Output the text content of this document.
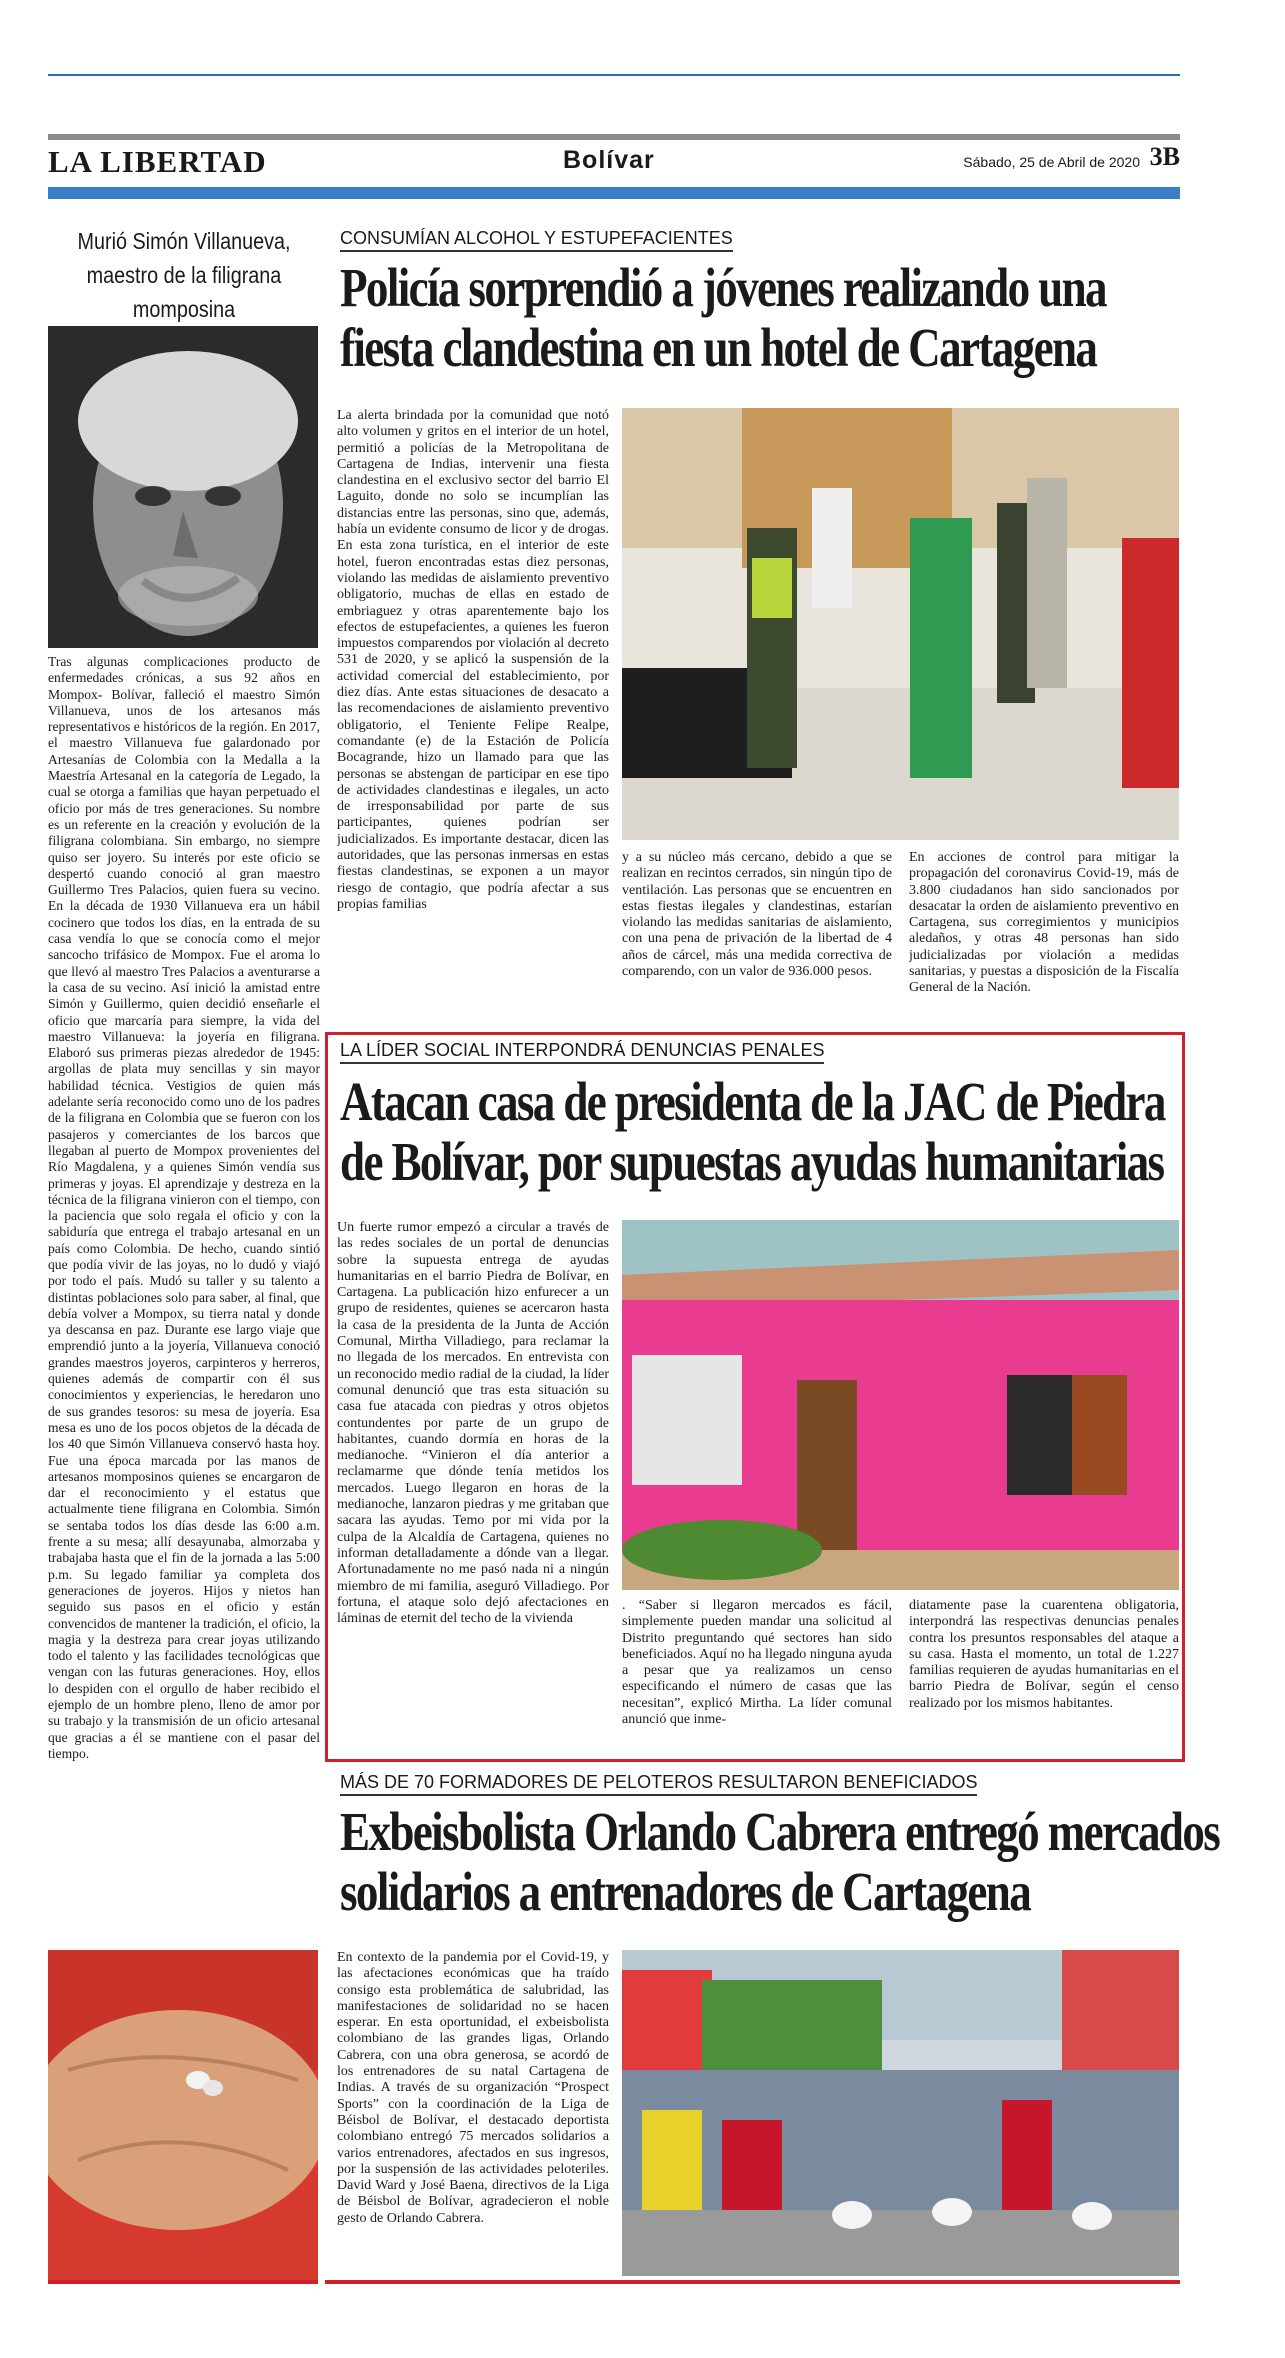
LA LIBERTAD	Bolívar	Sábado, 25 de Abril de 2020 3B
Murió Simón Villanueva,
maestro de la filigrana momposina
Tras algunas complicaciones producto de enfermedades crónicas, a sus 92 años en Mompox- Bolívar, falleció el maestro Simón Villanueva, unos de los artesanos más representativos e históricos de la región. En 2017, el maestro Villanueva fue galardonado por Artesanías de Colombia con la Medalla a la Maestría Artesanal en la categoría de Legado, la cual se otorga a familias que hayan perpetuado el oficio por más de tres generaciones. Su nombre es un referente en la creación y evolución de la filigrana colombiana. Sin embargo, no siempre quiso ser joyero. Su interés por este oficio se despertó cuando conoció al gran maestro Guillermo Tres Palacios, quien fuera su vecino. En la década de 1930 Villanueva era un hábil cocinero que todos los días, en la entrada de su casa vendía lo que se conocía como el mejor sancocho trifásico de Mompox. Fue el aroma lo que llevó al maestro Tres Palacios a aventurarse a la casa de su vecino. Así inició la amistad entre Simón y Guillermo, quien decidió enseñarle el oficio que marcaría para siempre, la vida del maestro Villanueva: la joyería en filigrana. Elaboró sus primeras piezas alrededor de 1945: argollas de plata muy sencillas y sin mayor habilidad técnica. Vestigios de quien más adelante sería reconocido como uno de los padres de la filigrana en Colombia que se fueron con los pasajeros y comerciantes de los barcos que llegaban al puerto de Mompox provenientes del Río Magdalena, y a quienes Simón vendía sus primeras y joyas. El aprendizaje y destreza en la técnica de la filigrana vinieron con el tiempo, con la paciencia que solo regala el oficio y con la sabiduría que entrega el trabajo artesanal en un país como Colombia. De hecho, cuando sintió que podía vivir de las joyas, no lo dudó y viajó por todo el país. Mudó su taller y su talento a distintas poblaciones solo para saber, al final, que debía volver a Mompox, su tierra natal y donde ya descansa en paz. Durante ese largo viaje que emprendió junto a la joyería, Villanueva conoció grandes maestros joyeros, carpinteros y herreros, quienes además de compartir con él sus conocimientos y experiencias, le heredaron uno de sus grandes tesoros: su mesa de joyería. Esa mesa es uno de los pocos objetos de la década de los 40 que Simón Villanueva conservó hasta hoy. Fue una época marcada por las manos de artesanos momposinos quienes se encargaron de dar el reconocimiento y el estatus que actualmente tiene filigrana en Colombia. Simón se sentaba todos los días desde las 6:00 a.m. frente a su mesa; allí desayunaba, almorzaba y trabajaba hasta que el fin de la jornada a las 5:00 p.m. Su legado familiar ya completa dos generaciones de joyeros. Hijos y nietos han seguido sus pasos en el oficio y están convencidos de mantener la tradición, el oficio, la magia y la destreza para crear joyas utilizando todo el talento y las facilidades tecnológicas que vengan con las futuras generaciones. Hoy, ellos lo despiden con el orgullo de haber recibido el ejemplo de un hombre pleno, lleno de amor por su trabajo y la transmisión de un oficio artesanal que gracias a él se mantiene con el pasar del tiempo.
CONSUMÍAN ALCOHOL Y ESTUPEFACIENTES
Policía sorprendió a jóvenes realizando una
fiesta clandestina en un hotel de Cartagena
La alerta brindada por la comunidad que notó alto volumen y gritos en el interior de un hotel, permitió a policías de la Metropolitana de Cartagena de Indias, intervenir una fiesta clandestina en el exclusivo sector del barrio El Laguito, donde no solo se incumplían las distancias entre las personas, sino que, además, había un evidente consumo de licor y de drogas. En esta zona turística, en el interior de este hotel, fueron encontradas estas diez personas, violando las medidas de aislamiento preventivo obligatorio, muchas de ellas en estado de embriaguez y otras aparentemente bajo los efectos de estupefacientes, a quienes les fueron impuestos comparendos por violación al decreto 531 de 2020, y se aplicó la suspensión de la actividad comercial del establecimiento, por diez días. Ante estas situaciones de desacato a las recomendaciones de aislamiento preventivo obligatorio, el Teniente Felipe Realpe, comandante (e) de la Estación de Policía Bocagrande, hizo un llamado para que las personas se abstengan de participar en ese tipo de actividades clandestinas e ilegales, un acto de irresponsabilidad por parte de sus participantes, quienes podrían ser judicializados. Es importante destacar, dicen las autoridades, que las personas inmersas en estas fiestas clandestinas, se exponen a un mayor riesgo de contagio, que podría afectar a sus propias familias
y a su núcleo más cercano, debido a que se realizan en recintos cerrados, sin ningún tipo de ventilación. Las personas que se encuentren en estas fiestas ilegales y clandestinas, estarían violando las medidas sanitarias de aislamiento, con una pena de privación de la libertad de 4 años de cárcel, más una medida correctiva de comparendo, con un valor de 936.000 pesos.
En acciones de control para mitigar la propagación del coronavirus Covid-19, más de 3.800 ciudadanos han sido sancionados por desacatar la orden de aislamiento preventivo en Cartagena, sus corregimientos y municipios aledaños, y otras 48 personas han sido judicializadas por violación a medidas sanitarias, y puestas a disposición de la Fiscalía General de la Nación.
LA LÍDER SOCIAL INTERPONDRÁ DENUNCIAS PENALES
Atacan casa de presidenta de la JAC de Piedra
de Bolívar, por supuestas ayudas humanitarias
Un fuerte rumor empezó a circular a través de las redes sociales de un portal de denuncias sobre la supuesta entrega de ayudas humanitarias en el barrio Piedra de Bolívar, en Cartagena. La publicación hizo enfurecer a un grupo de residentes, quienes se acercaron hasta la casa de la presidenta de la Junta de Acción Comunal, Mirtha Villadiego, para reclamar la no llegada de los mercados. En entrevista con un reconocido medio radial de la ciudad, la líder comunal denunció que tras esta situación su casa fue atacada con piedras y otros objetos contundentes por parte de un grupo de habitantes, cuando dormía en horas de la medianoche. “Vinieron el día anterior a reclamarme que dónde tenía metidos los mercados. Luego llegaron en horas de la medianoche, lanzaron piedras y me gritaban que sacara las ayudas. Temo por mi vida por la culpa de la Alcaldía de Cartagena, quienes no informan detalladamente a dónde van a llegar. Afortunadamente no me pasó nada ni a ningún miembro de mi familia, aseguró Villadiego. Por fortuna, el ataque solo dejó afectaciones en láminas de eternit del techo de la vivienda
. “Saber si llegaron mercados es fácil, simplemente pueden mandar una solicitud al Distrito preguntando qué sectores han sido beneficiados. Aquí no ha llegado ninguna ayuda a pesar que ya realizamos un censo especificando el número de casas que las necesitan”, explicó Mirtha. La líder comunal anunció que inme-
diatamente pase la cuarentena obligatoria, interpondrá las respectivas denuncias penales contra los presuntos responsables del ataque a su casa. Hasta el momento, un total de 1.227 familias requieren de ayudas humanitarias en el barrio Piedra de Bolívar, según el censo realizado por los mismos habitantes.
MÁS DE 70 FORMADORES DE PELOTEROS RESULTARON BENEFICIADOS
Exbeisbolista Orlando Cabrera entregó mercados
solidarios a entrenadores de Cartagena
En contexto de la pandemia por el Covid-19, y las afectaciones económicas que ha traído consigo esta problemática de salubridad, las manifestaciones de solidaridad no se hacen esperar. En esta oportunidad, el exbeisbolista colombiano de las grandes ligas, Orlando Cabrera, con una obra generosa, se acordó de los entrenadores de su natal Cartagena de Indias. A través de su organización “Prospect Sports” con la coordinación de la Liga de Béisbol de Bolívar, el destacado deportista colombiano entregó 75 mercados solidarios a varios entrenadores, afectados en sus ingresos, por la suspensión de las actividades peloteriles. David Ward y José Baena, directivos de la Liga de Béisbol de Bolívar, agradecieron el noble gesto de Orlando Cabrera.
